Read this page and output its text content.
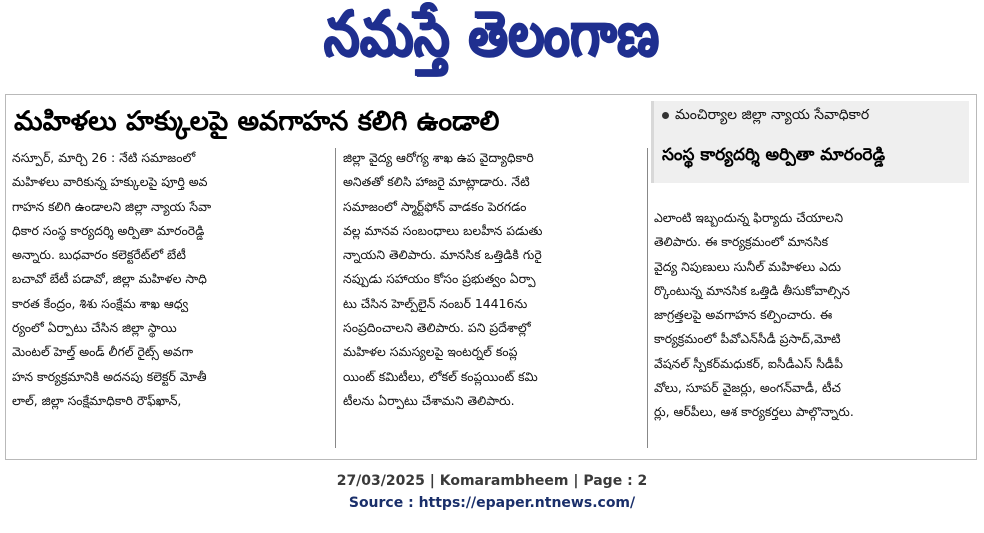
నమస్తే తెలంగాణ
మహిళలు హక్కులపై అవగాహన కలిగి ఉండాలి	మంచిర్యాల జిల్లా న్యాయ సేవాధికార
సంస్థ కార్యదర్శి అర్పితా మారంరెడ్డి

నస్పూర్, మార్చి 26 : నేటి సమాజంలో

మహిళలు వారికున్న హక్కులపై పూర్తి అవ

గాహన కలిగి ఉండాలని జిల్లా న్యాయ సేవా

ధికార సంస్థ కార్యదర్శి అర్పితా మారంరెడ్డి

అన్నారు. బుధవారం కలెక్టరేట్‌లో బేటీ

బచావో బేటీ పడావో, జిల్లా మహిళల సాధి

కారత కేంద్రం, శిశు సంక్షేమ శాఖ ఆధ్వ

ర్యంలో ఏర్పాటు చేసిన జిల్లా స్థాయి

మెంటల్ హెల్త్ అండ్ లీగల్ రైట్స్ అవగా

హన కార్యక్రమానికి అదనపు కలెక్టర్ మోతీ

లాల్, జిల్లా సంక్షేమాధికారి రౌఫ్‌ఖాన్,

జిల్లా వైద్య ఆరోగ్య శాఖ ఉప వైద్యాధికారి

అనితతో కలిసి హాజరై మాట్లాడారు. నేటి

సమాజంలో స్మార్ట్‌ఫోన్ వాడకం పెరగడం

వల్ల మానవ సంబంధాలు బలహీన పడుతు

న్నాయని తెలిపారు. మానసిక ఒత్తిడికి గురై

నప్పుడు సహాయం కోసం ప్రభుత్వం ఏర్పా

టు చేసిన హెల్ప్‌లైన్ నంబర్ 14416ను

సంప్రదించాలని తెలిపారు. పని ప్రదేశాల్లో

మహిళల సమస్యలపై ఇంటర్నల్ కంప్ల

యింట్ కమిటీలు, లోకల్ కంప్లయింట్ కమి

టీలను ఏర్పాటు చేశామని తెలిపారు.

ఎలాంటి ఇబ్బందున్న ఫిర్యాదు చేయాలని

తెలిపారు. ఈ కార్యక్రమంలో మానసిక

వైద్య నిపుణులు సునీల్ మహిళలు ఎదు

ర్కొంటున్న మానసిక ఒత్తిడి తీసుకోవాల్సిన

జాగ్రత్తలపై అవగాహన కల్పించారు. ఈ

కార్యక్రమంలో పీవోఎన్‌సీడీ ప్రసాద్,మోటి

వేషనల్ స్పీకర్‌మధుకర్, ఐసీడీఎస్ సీడీపీ

వోలు, సూపర్ వైజర్లు, అంగన్‌వాడీ, టీచ

ర్లు, ఆర్‌పీలు, ఆశ కార్యకర్తలు పాల్గొన్నారు.

27/03/2025 | Komarambheem | Page : 2
Source : https://epaper.ntnews.com/
